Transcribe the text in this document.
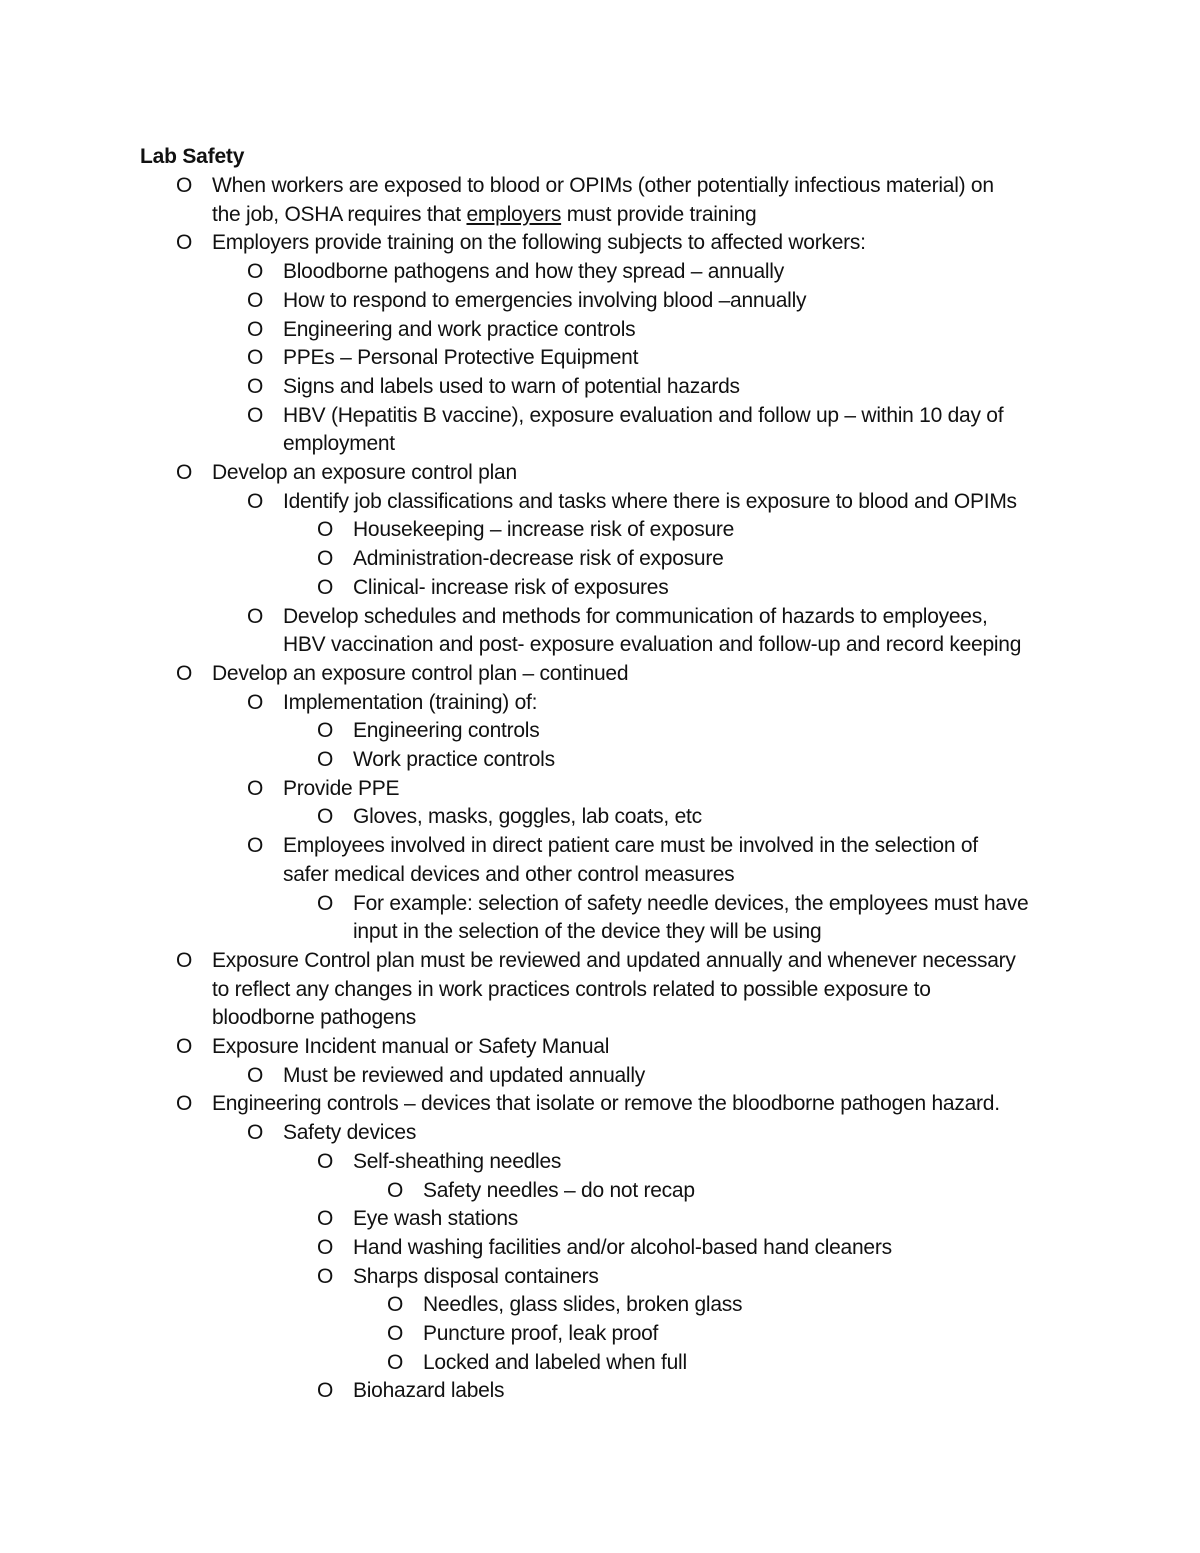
Lab Safety
O When workers are exposed to blood or OPIMs (other potentially infectious material) on
the job, OSHA requires that employers must provide training
O Employers provide training on the following subjects to affected workers:
O Bloodborne pathogens and how they spread – annually
O How to respond to emergencies involving blood –annually
O Engineering and work practice controls
O PPEs – Personal Protective Equipment
O Signs and labels used to warn of potential hazards
O HBV (Hepatitis B vaccine), exposure evaluation and follow up – within 10 day of
employment
O Develop an exposure control plan
O Identify job classifications and tasks where there is exposure to blood and OPIMs
O Housekeeping – increase risk of exposure
O Administration-decrease risk of exposure
O Clinical- increase risk of exposures
O Develop schedules and methods for communication of hazards to employees,
HBV vaccination and post- exposure evaluation and follow-up and record keeping
O Develop an exposure control plan – continued
O Implementation (training) of:
O Engineering controls
O Work practice controls
O Provide PPE
O Gloves, masks, goggles, lab coats, etc
O Employees involved in direct patient care must be involved in the selection of
safer medical devices and other control measures
O For example: selection of safety needle devices, the employees must have
input in the selection of the device they will be using
O Exposure Control plan must be reviewed and updated annually and whenever necessary
to reflect any changes in work practices controls related to possible exposure to
bloodborne pathogens
O Exposure Incident manual or Safety Manual
O Must be reviewed and updated annually
O Engineering controls – devices that isolate or remove the bloodborne pathogen hazard.
O Safety devices
O Self-sheathing needles
O Safety needles – do not recap
O Eye wash stations
O Hand washing facilities and/or alcohol-based hand cleaners
O Sharps disposal containers
O Needles, glass slides, broken glass
O Puncture proof, leak proof
O Locked and labeled when full
O Biohazard labels
